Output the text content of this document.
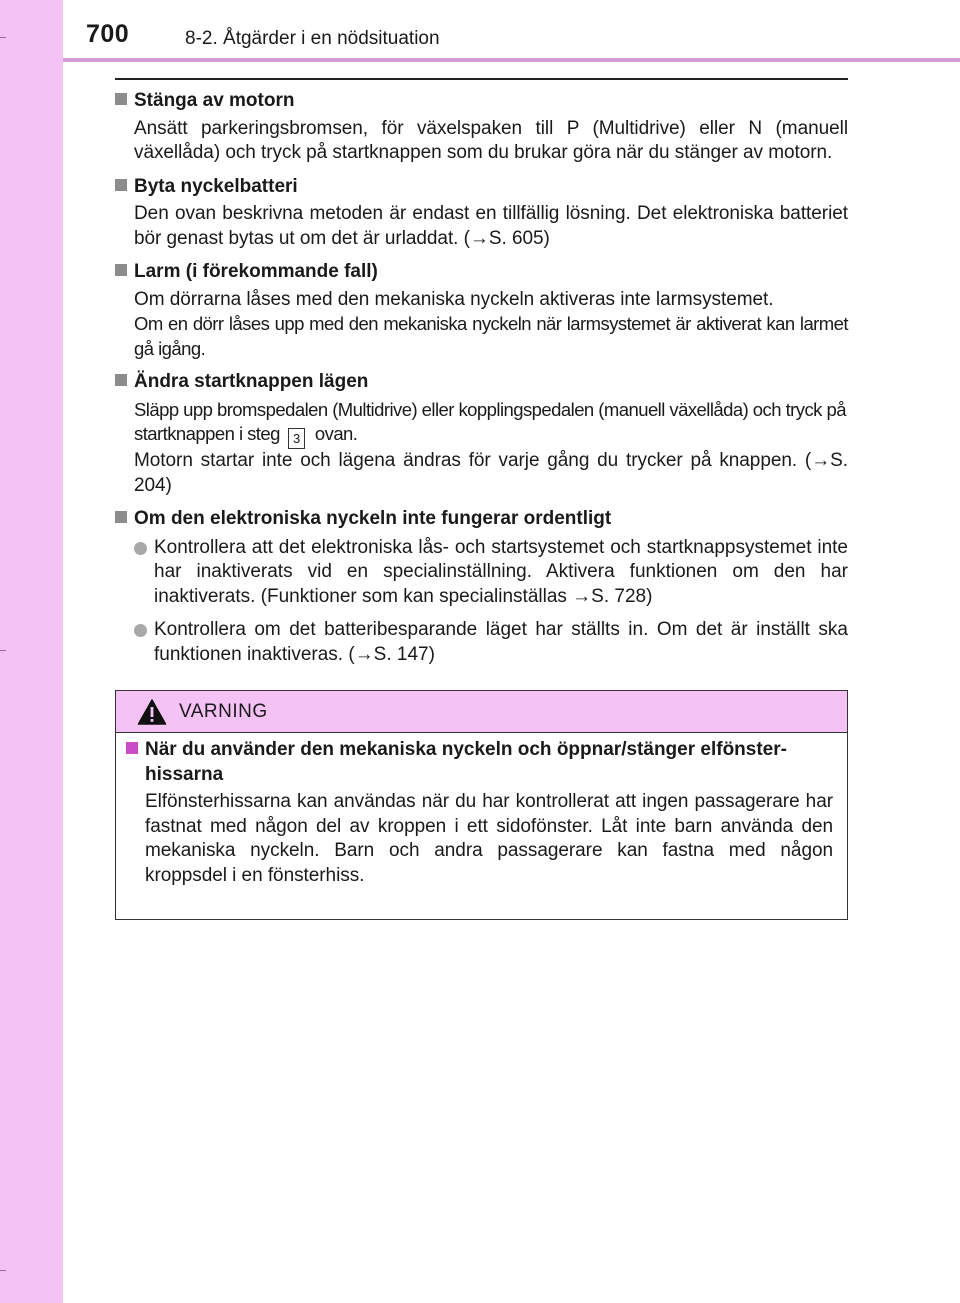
700	8-2. Åtgärder i en nödsituation
Stänga av motorn
Ansätt parkeringsbromsen, för växelspaken till P (Multidrive) eller N (manuell växellåda) och tryck på startknappen som du brukar göra när du stänger av motorn.
Byta nyckelbatteri
Den ovan beskrivna metoden är endast en tillfällig lösning. Det elektroniska batteriet bör genast bytas ut om det är urladdat. (→S. 605)
Larm (i förekommande fall)
Om dörrarna låses med den mekaniska nyckeln aktiveras inte larmsystemet.
Om en dörr låses upp med den mekaniska nyckeln när larmsystemet är aktiverat kan larmet gå igång.
Ändra startknappen lägen
Släpp upp bromspedalen (Multidrive) eller kopplingspedalen (manuell växellåda) och tryck på startknappen i steg 3 ovan.
Motorn startar inte och lägena ändras för varje gång du trycker på knappen. (→S. 204)
Om den elektroniska nyckeln inte fungerar ordentligt
Kontrollera att det elektroniska lås- och startsystemet och startknappsystemet inte har inaktiverats vid en specialinställning. Aktivera funktionen om den har inaktiverats. (Funktioner som kan specialinställas →S. 728)
Kontrollera om det batteribesparande läget har ställts in. Om det är inställt ska funktionen inaktiveras. (→S. 147)
VARNING
När du använder den mekaniska nyckeln och öppnar/stänger elfönsterhissarna
Elfönsterhissarna kan användas när du har kontrollerat att ingen passagerare har fastnat med någon del av kroppen i ett sidofönster. Låt inte barn använda den mekaniska nyckeln. Barn och andra passagerare kan fastna med någon kroppsdel i en fönsterhiss.
